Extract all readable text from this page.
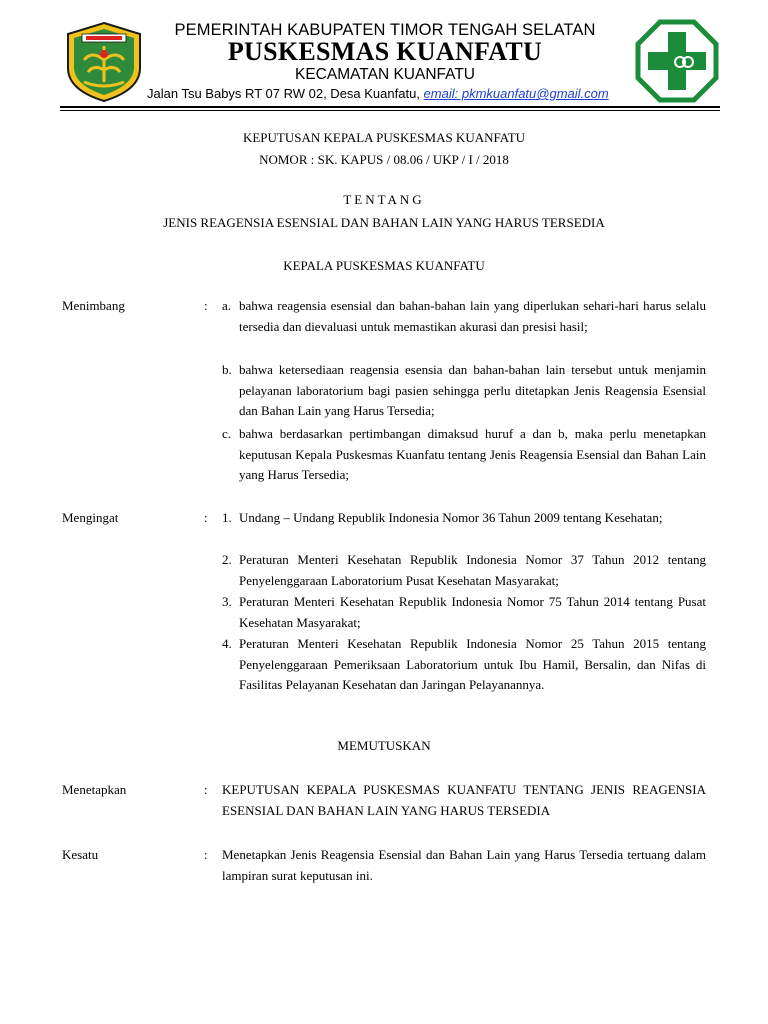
PEMERINTAH KABUPATEN TIMOR TENGAH SELATAN
PUSKESMAS KUANFATU
KECAMATAN KUANFATU
Jalan Tsu Babys RT 07 RW 02, Desa Kuanfatu, email: pkmkuanfatu@gmail.com
KEPUTUSAN KEPALA PUSKESMAS KUANFATU
NOMOR : SK. KAPUS / 08.06 / UKP / I / 2018
TENTANG
JENIS REAGENSIA ESENSIAL DAN BAHAN LAIN YANG HARUS TERSEDIA
KEPALA PUSKESMAS KUANFATU
Menimbang	: a. bahwa reagensia esensial dan bahan-bahan lain yang diperlukan sehari-hari harus selalu tersedia dan dievaluasi untuk memastikan akurasi dan presisi hasil;
b. bahwa ketersediaan reagensia esensia dan bahan-bahan lain tersebut untuk menjamin pelayanan laboratorium bagi pasien sehingga perlu ditetapkan Jenis Reagensia Esensial dan Bahan Lain yang Harus Tersedia;
c. bahwa berdasarkan pertimbangan dimaksud huruf a dan b, maka perlu menetapkan keputusan Kepala Puskesmas Kuanfatu tentang Jenis Reagensia Esensial dan Bahan Lain yang Harus Tersedia;
Mengingat	: 1. Undang – Undang Republik Indonesia Nomor 36 Tahun 2009 tentang Kesehatan;
2. Peraturan Menteri Kesehatan Republik Indonesia Nomor 37 Tahun 2012 tentang Penyelenggaraan Laboratorium Pusat Kesehatan Masyarakat;
3. Peraturan Menteri Kesehatan Republik Indonesia Nomor 75 Tahun 2014 tentang Pusat Kesehatan Masyarakat;
4. Peraturan Menteri Kesehatan Republik Indonesia Nomor 25 Tahun 2015 tentang Penyelenggaraan Pemeriksaan Laboratorium untuk Ibu Hamil, Bersalin, dan Nifas di Fasilitas Pelayanan Kesehatan dan Jaringan Pelayanannya.
MEMUTUSKAN
Menetapkan	: KEPUTUSAN KEPALA PUSKESMAS KUANFATU TENTANG JENIS REAGENSIA ESENSIAL DAN BAHAN LAIN YANG HARUS TERSEDIA
Kesatu	: Menetapkan Jenis Reagensia Esensial dan Bahan Lain yang Harus Tersedia tertuang dalam lampiran surat keputusan ini.
